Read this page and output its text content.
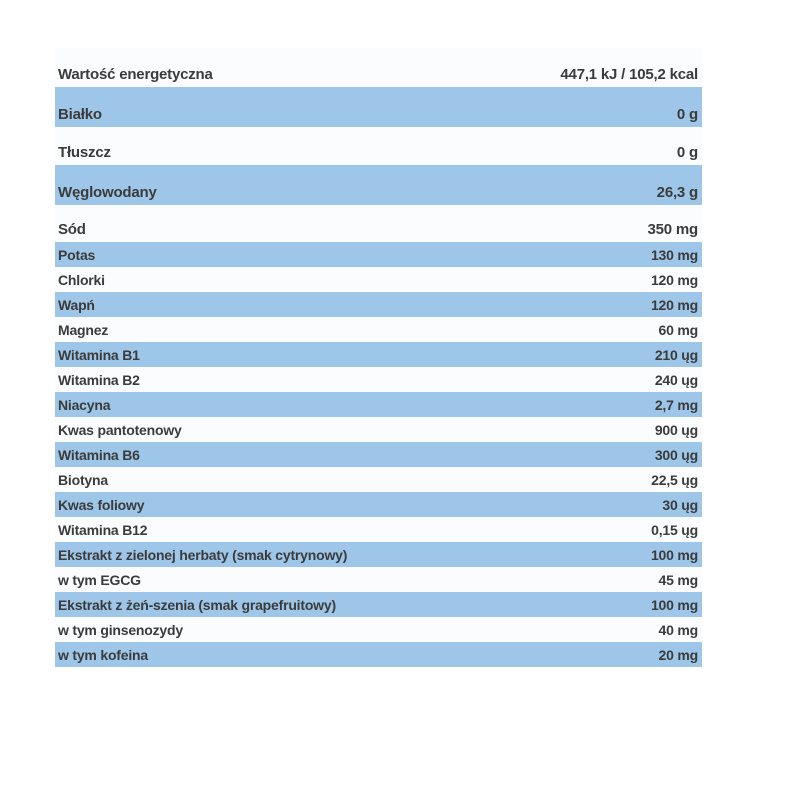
Wartość energetyczna	447,1 kJ / 105,2 kcal
Białko	0 g
Tłuszcz	0 g
Węglowodany	26,3 g
Sód	350 mg
Potas	130 mg
Chlorki	120 mg
Wapń	120 mg
Magnez	60 mg
Witamina B1	210 ųg
Witamina B2	240 ųg
Niacyna	2,7 mg
Kwas pantotenowy	900 ųg
Witamina B6	300 ųg
Biotyna	22,5 ųg
Kwas foliowy	30 ųg
Witamina B12	0,15 ųg
Ekstrakt z zielonej herbaty (smak cytrynowy)	100 mg
w tym EGCG	45 mg
Ekstrakt z żeń-szenia (smak grapefruitowy)	100 mg
w tym ginsenozydy	40 mg
w tym kofeina	20 mg
